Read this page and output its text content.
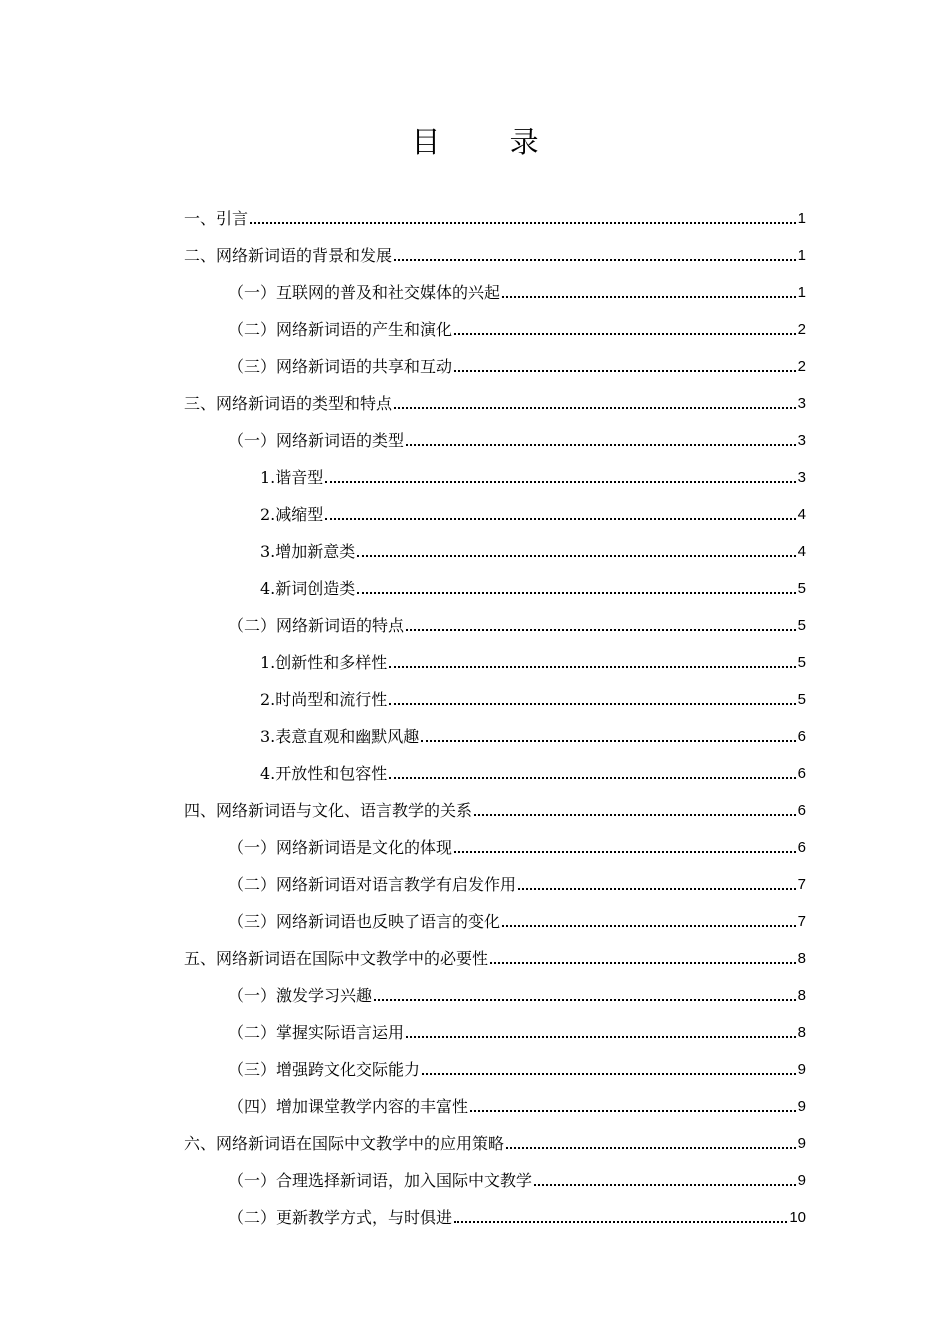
目 录
一、引言	1
二、网络新词语的背景和发展	1
（一）互联网的普及和社交媒体的兴起	1
（二）网络新词语的产生和演化	2
（三）网络新词语的共享和互动	2
三、网络新词语的类型和特点	3
（一）网络新词语的类型	3
1.谐音型	3
2.减缩型	4
3.增加新意类	4
4.新词创造类	5
（二）网络新词语的特点	5
1.创新性和多样性	5
2.时尚型和流行性	5
3.表意直观和幽默风趣	6
4.开放性和包容性	6
四、网络新词语与文化、语言教学的关系	6
（一）网络新词语是文化的体现	6
（二）网络新词语对语言教学有启发作用	7
（三）网络新词语也反映了语言的变化	7
五、网络新词语在国际中文教学中的必要性	8
（一）激发学习兴趣	8
（二）掌握实际语言运用	8
（三）增强跨文化交际能力	9
（四）增加课堂教学内容的丰富性	9
六、网络新词语在国际中文教学中的应用策略	9
（一）合理选择新词语，加入国际中文教学	9
（二）更新教学方式，与时俱进	10
